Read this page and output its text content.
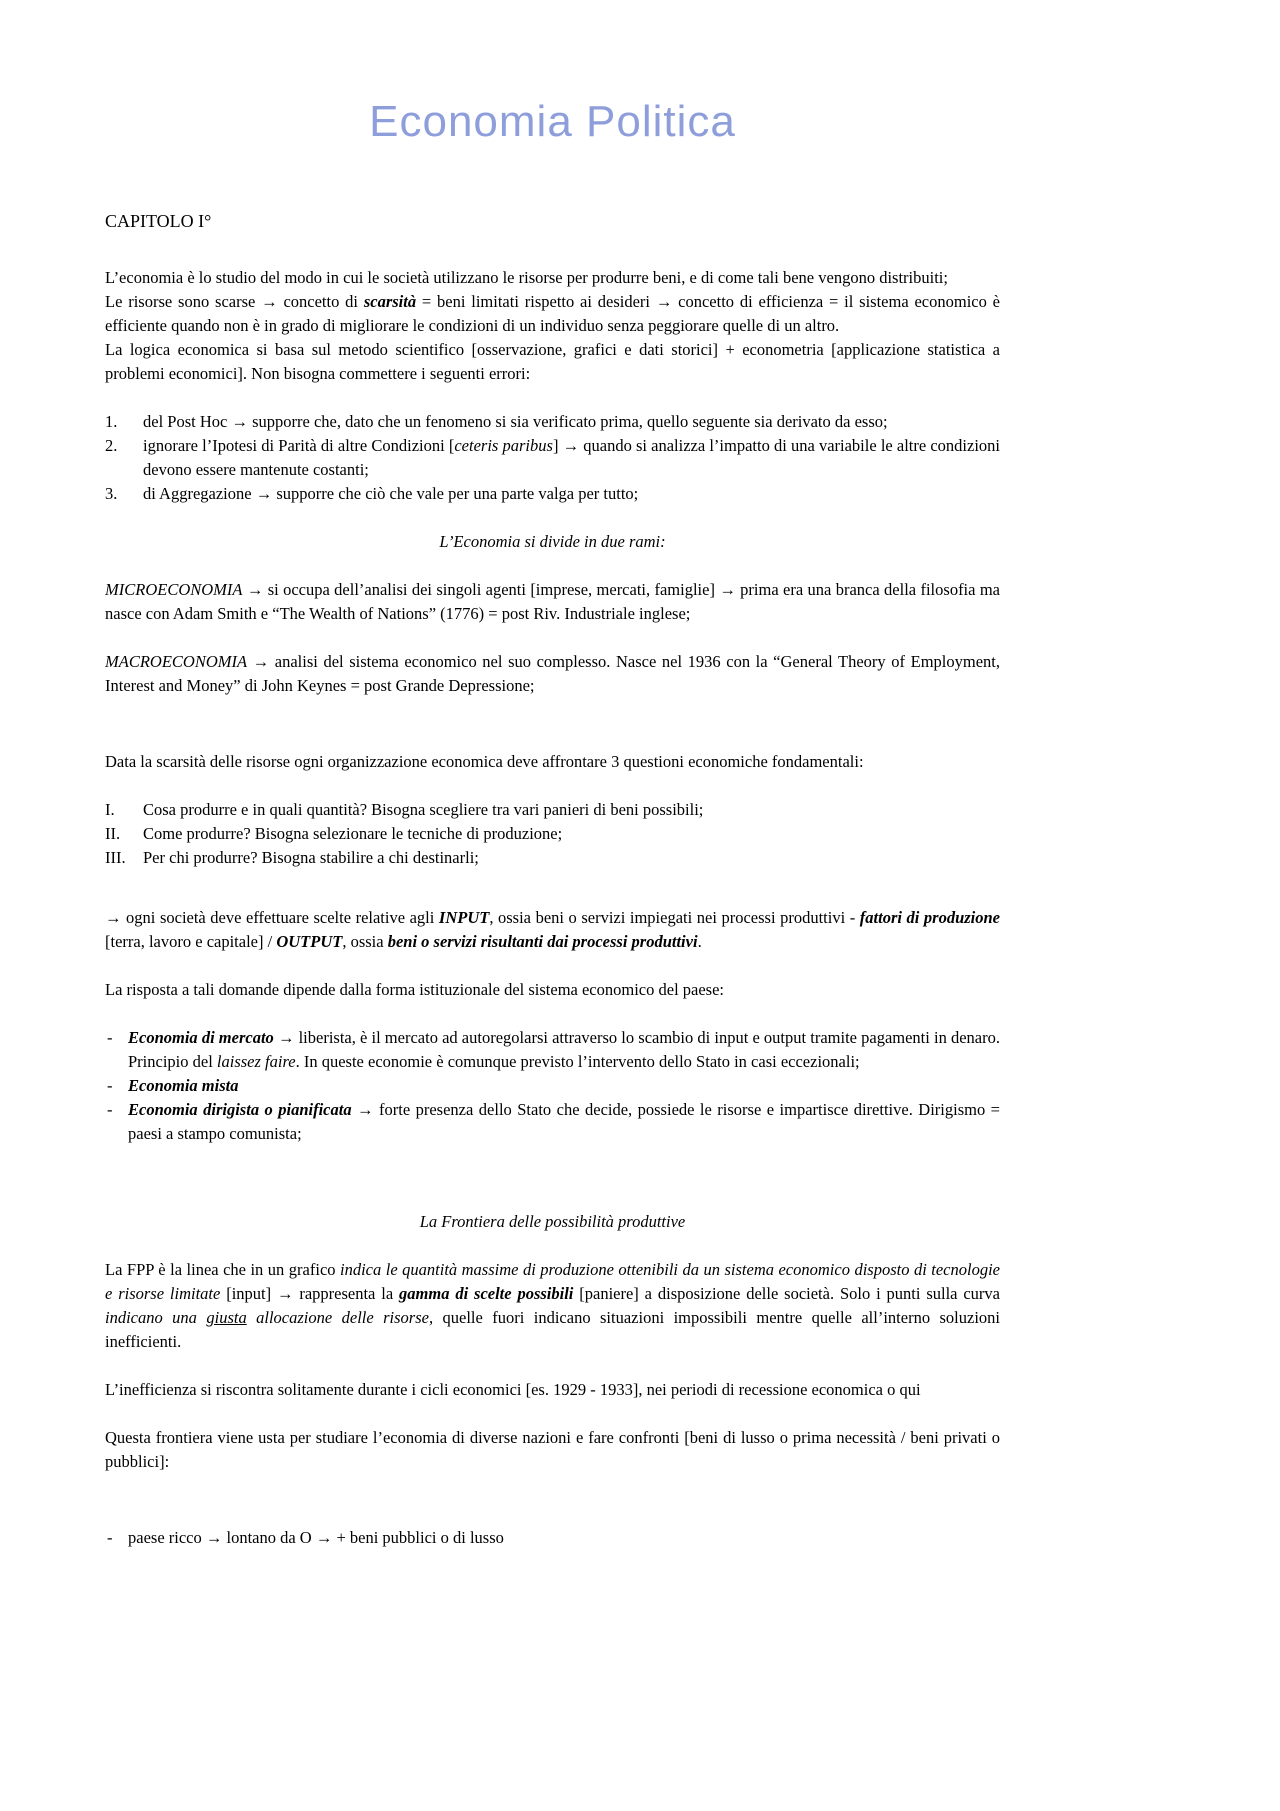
Economia Politica

CAPITOLO I°

L’economia è lo studio del modo in cui le società utilizzano le risorse per produrre beni, e di come tali bene vengono distribuiti;

Le risorse sono scarse → concetto di scarsità = beni limitati rispetto ai desideri → concetto di efficienza = il sistema economico è efficiente quando non è in grado di migliorare le condizioni di un individuo senza peggiorare quelle di un altro.

La logica economica si basa sul metodo scientifico [osservazione, grafici e dati storici] + econometria [applicazione statistica a problemi economici]. Non bisogna commettere i seguenti errori:

1. del Post Hoc → supporre che, dato che un fenomeno si sia verificato prima, quello seguente sia derivato da esso;
2. ignorare l’Ipotesi di Parità di altre Condizioni [ceteris paribus] → quando si analizza l’impatto di una variabile le altre condizioni devono essere mantenute costanti;
3. di Aggregazione → supporre che ciò che vale per una parte valga per tutto;

L’Economia si divide in due rami:

MICROECONOMIA → si occupa dell’analisi dei singoli agenti [imprese, mercati, famiglie] → prima era una branca della filosofia ma nasce con Adam Smith e “The Wealth of Nations” (1776) = post Riv. Industriale inglese;

MACROECONOMIA → analisi del sistema economico nel suo complesso. Nasce nel 1936 con la “General Theory of Employment, Interest and Money” di John Keynes = post Grande Depressione;

Data la scarsità delle risorse ogni organizzazione economica deve affrontare 3 questioni economiche fondamentali:

I. Cosa produrre e in quali quantità? Bisogna scegliere tra vari panieri di beni possibili;
II. Come produrre? Bisogna selezionare le tecniche di produzione;
III. Per chi produrre? Bisogna stabilire a chi destinarli;

→ ogni società deve effettuare scelte relative agli INPUT, ossia beni o servizi impiegati nei processi produttivi - fattori di produzione [terra, lavoro e capitale] / OUTPUT, ossia beni o servizi risultanti dai processi produttivi.

La risposta a tali domande dipende dalla forma istituzionale del sistema economico del paese:

- Economia di mercato → liberista, è il mercato ad autoregolarsi attraverso lo scambio di input e output tramite pagamenti in denaro. Principio del laissez faire. In queste economie è comunque previsto l’intervento dello Stato in casi eccezionali;
- Economia mista
- Economia dirigista o pianificata → forte presenza dello Stato che decide, possiede le risorse e impartisce direttive. Dirigismo = paesi a stampo comunista;

La Frontiera delle possibilità produttive

La FPP è la linea che in un grafico indica le quantità massime di produzione ottenibili da un sistema economico disposto di tecnologie e risorse limitate [input] → rappresenta la gamma di scelte possibili [paniere] a disposizione delle società. Solo i punti sulla curva indicano una giusta allocazione delle risorse, quelle fuori indicano situazioni impossibili mentre quelle all’interno soluzioni inefficienti.

L’inefficienza si riscontra solitamente durante i cicli economici [es. 1929 - 1933], nei periodi di recessione economica o qui

Questa frontiera viene usta per studiare l’economia di diverse nazioni e fare confronti [beni di lusso o prima necessità / beni privati o pubblici]:

- paese ricco → lontano da O → + beni pubblici o di lusso
